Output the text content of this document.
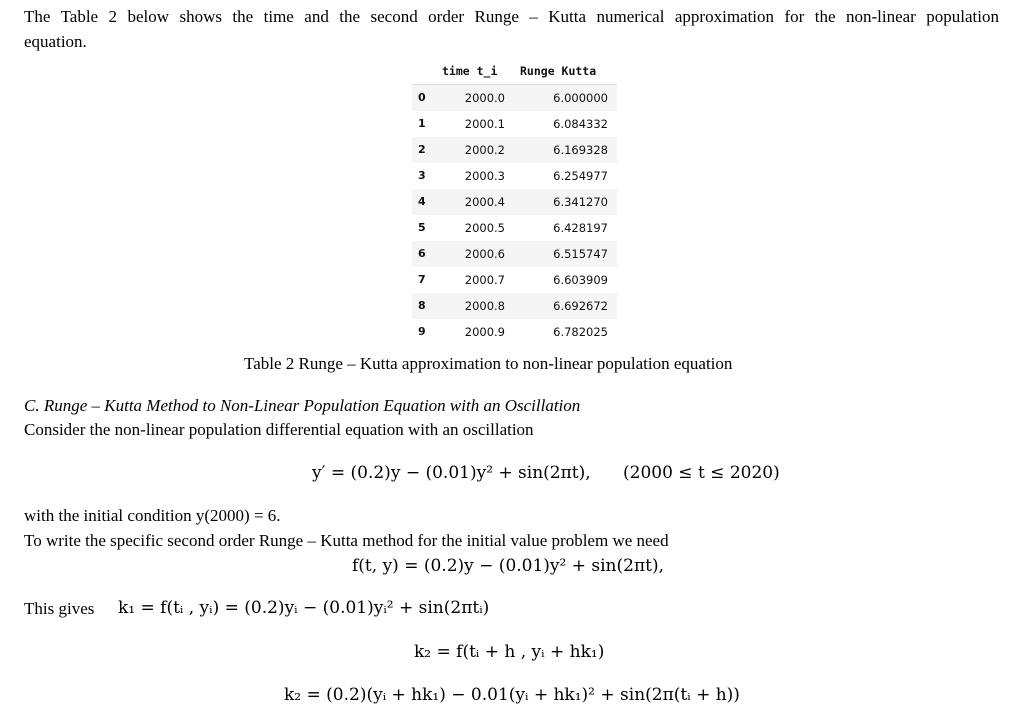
The Table 2 below shows the time and the second order Runge – Kutta numerical approximation for the non-linear population
equation.
time t_i Runge Kutta
0	2000.0	6.000000
1	2000.1	6.084332
2	2000.2	6.169328
3	2000.3	6.254977
4	2000.4	6.341270
5	2000.5	6.428197
6	2000.6	6.515747
7	2000.7	6.603909
8	2000.8	6.692672
9	2000.9	6.782025
Table 2 Runge – Kutta approximation to non-linear population equation
C. Runge – Kutta Method to Non-Linear Population Equation with an Oscillation
Consider the non-linear population differential equation with an oscillation
y′ = (0.2)y − (0.01)y² + sin(2πt), (2000 ≤ t ≤ 2020)
with the initial condition y(2000) = 6.
To write the specific second order Runge – Kutta method for the initial value problem we need
f(t, y) = (0.2)y − (0.01)y² + sin(2πt),
This gives k₁ = f(tᵢ , yᵢ) = (0.2)yᵢ − (0.01)yᵢ² + sin(2πtᵢ)
k₂ = f(tᵢ + h , yᵢ + hk₁)
k₂ = (0.2)(yᵢ + hk₁) − 0.01(yᵢ + hk₁)² + sin(2π(tᵢ + h))
